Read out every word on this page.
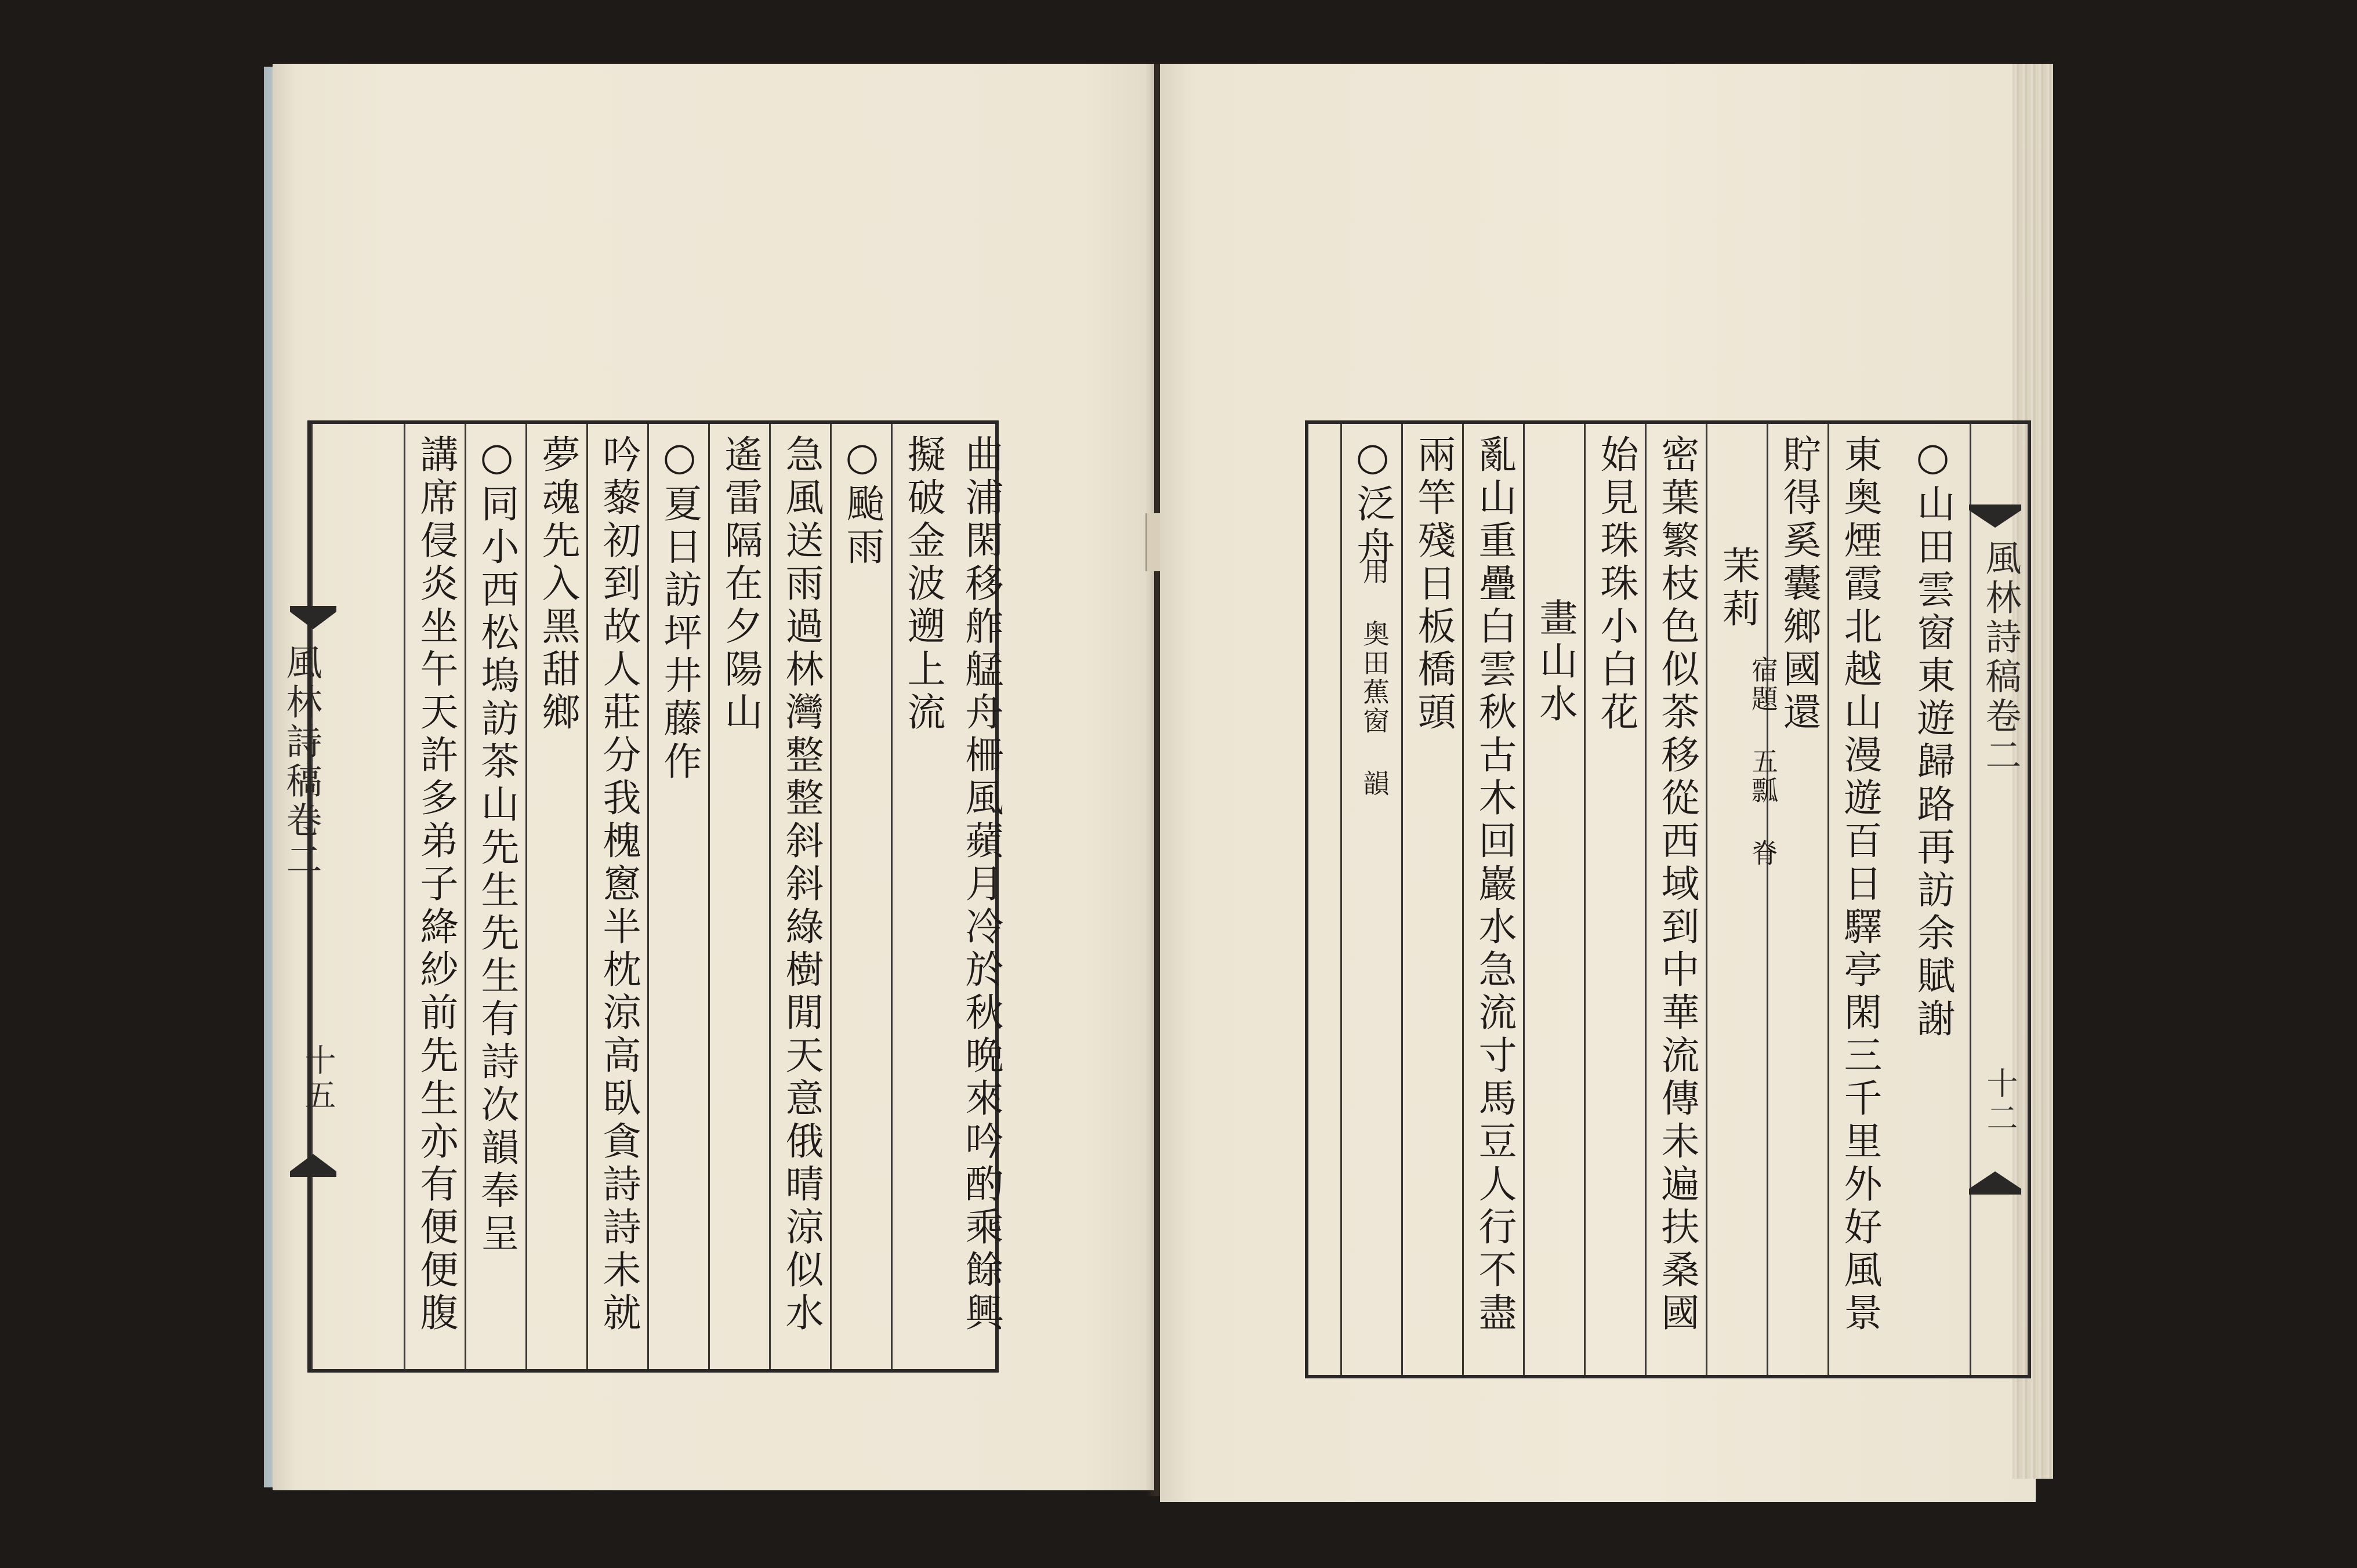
曲浦閑移舴艋舟柵風蘋月冷於秋晩來吟酌乘餘興
擬破金波遡上流
○颱雨
急風送雨過林灣整整斜斜綠樹閒天意俄晴涼似水
遙雷隔在夕陽山
○夏日訪坪井藤作
吟藜初到故人莊分我槐窻半枕涼高臥貪詩詩未就
夢魂先入黑甜鄉
○同小西松塢訪茶山先生先生有詩次韻奉呈
講席侵炎坐午天許多弟子絳紗前先生亦有便便腹
風林詩稿卷二
十五
○山田雲窗東遊歸路再訪余賦謝
東奥煙霞北越山漫遊百日驛亭閑三千里外好風景
貯得奚囊鄉國還
茉莉
宿題 五瓢 脊
密葉繁枝色似茶移從西域到中華流傳未遍扶桑國
始見珠珠小白花
畫山水
亂山重疊白雲秋古木回巖水急流寸馬豆人行不盡
兩竿殘日板橋頭
○泛舟
用 奥田蕉窗 韻	風林詩稿卷二
十二
